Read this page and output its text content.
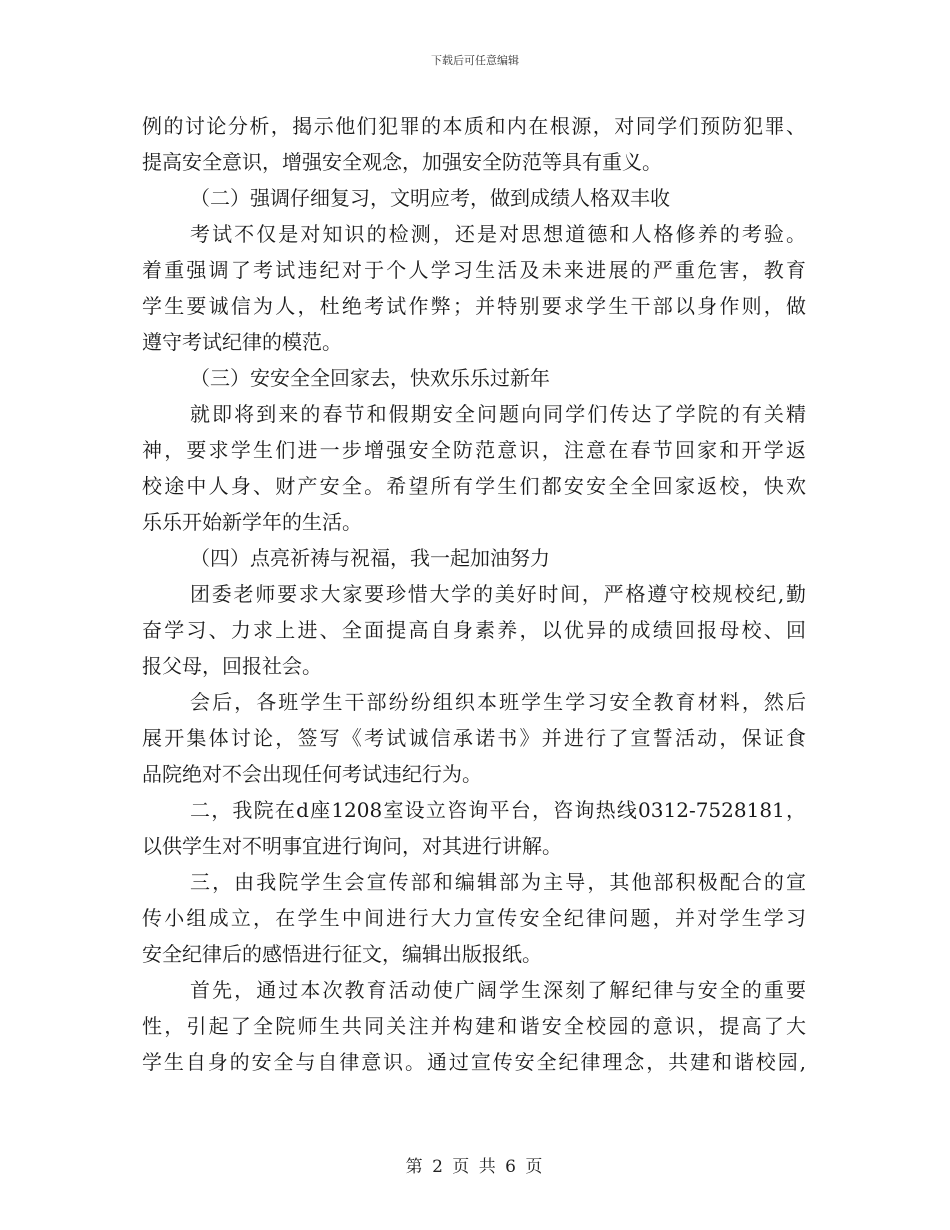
下载后可任意编辑
例的讨论分析，揭示他们犯罪的本质和内在根源，对同学们预防犯罪、
提高安全意识，增强安全观念，加强安全防范等具有重义。
（二）强调仔细复习，文明应考，做到成绩人格双丰收
考试不仅是对知识的检测，还是对思想道德和人格修养的考验。
着重强调了考试违纪对于个人学习生活及未来进展的严重危害，教育
学生要诚信为人，杜绝考试作弊；并特别要求学生干部以身作则，做
遵守考试纪律的模范。
（三）安安全全回家去，快欢乐乐过新年
就即将到来的春节和假期安全问题向同学们传达了学院的有关精
神，要求学生们进一步增强安全防范意识，注意在春节回家和开学返
校途中人身、财产安全。希望所有学生们都安安全全回家返校，快欢
乐乐开始新学年的生活。
（四）点亮祈祷与祝福，我一起加油努力
团委老师要求大家要珍惜大学的美好时间，严格遵守校规校纪,勤
奋学习、力求上进、全面提高自身素养，以优异的成绩回报母校、回
报父母，回报社会。
会后，各班学生干部纷纷组织本班学生学习安全教育材料，然后
展开集体讨论，签写《考试诚信承诺书》并进行了宣誓活动，保证食
品院绝对不会出现任何考试违纪行为。
二，我院在d座1208室设立咨询平台，咨询热线0312-7528181，
以供学生对不明事宜进行询问，对其进行讲解。
三，由我院学生会宣传部和编辑部为主导，其他部积极配合的宣
传小组成立，在学生中间进行大力宣传安全纪律问题，并对学生学习
安全纪律后的感悟进行征文，编辑出版报纸。
首先，通过本次教育活动使广阔学生深刻了解纪律与安全的重要
性，引起了全院师生共同关注并构建和谐安全校园的意识，提高了大
学生自身的安全与自律意识。通过宣传安全纪律理念，共建和谐校园,
第 2 页 共 6 页
